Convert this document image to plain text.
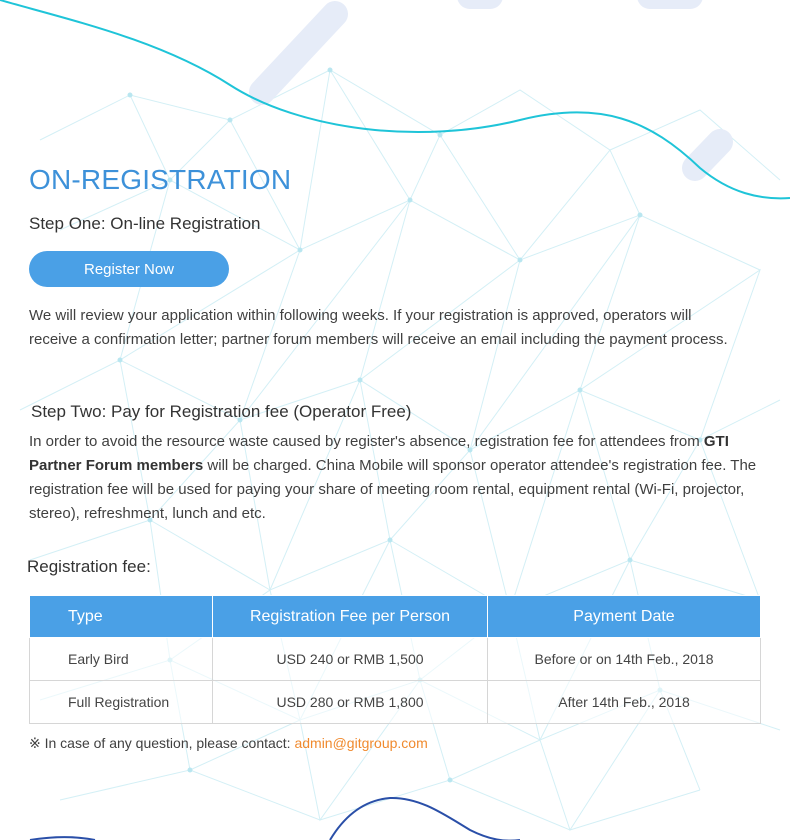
ON-REGISTRATION
Step One: On-line Registration
Register Now

We will review your application within following weeks. If your registration is approved, operators will receive a confirmation letter; partner forum members will receive an email including the payment process.

Step Two: Pay for Registration fee (Operator Free)

In order to avoid the resource waste caused by register's absence, registration fee for attendees from GTI Partner Forum members will be charged. China Mobile will sponsor operator attendee's registration fee. The registration fee will be used for paying your share of meeting room rental, equipment rental (Wi-Fi, projector, stereo), refreshment, lunch and etc.

Registration fee:
Type	Registration Fee per Person	Payment Date
Early Bird	USD 240 or RMB 1,500	Before or on 14th Feb., 2018
Full Registration	USD 280 or RMB 1,800	After 14th Feb., 2018

※ In case of any question, please contact: admin@gitgroup.com
